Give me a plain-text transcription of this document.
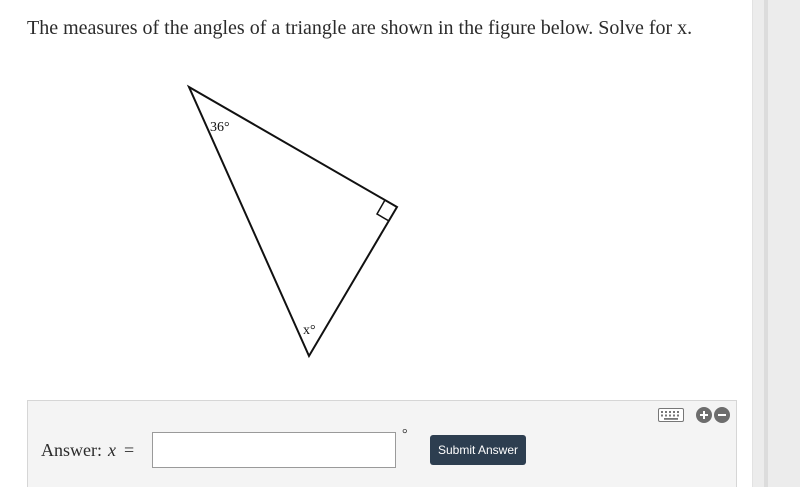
The measures of the angles of a triangle are shown in the figure below. Solve for x.

36°
x°
Answer: x =
°
Submit Answer
